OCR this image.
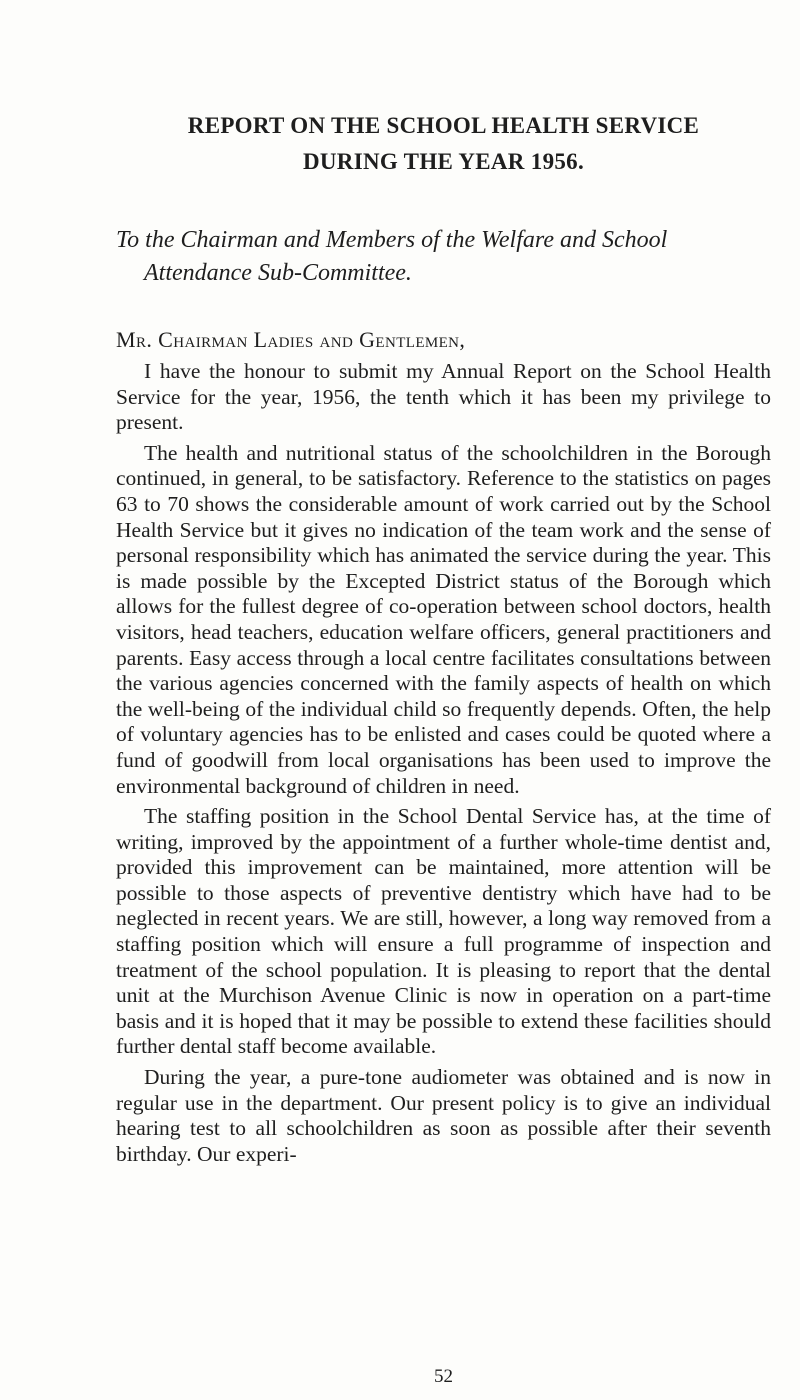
REPORT ON THE SCHOOL HEALTH SERVICE
DURING THE YEAR 1956.
To the Chairman and Members of the Welfare and School
Attendance Sub-Committee.
Mr. Chairman Ladies and Gentlemen,

I have the honour to submit my Annual Report on the School Health Service for the year, 1956, the tenth which it has been my privilege to present.

The health and nutritional status of the schoolchildren in the Borough continued, in general, to be satisfactory. Reference to the statistics on pages 63 to 70 shows the considerable amount of work carried out by the School Health Service but it gives no indication of the team work and the sense of personal responsibility which has animated the service during the year. This is made possible by the Excepted District status of the Borough which allows for the fullest degree of co-operation between school doctors, health visitors, head teachers, education welfare officers, general practitioners and parents. Easy access through a local centre facilitates consultations between the various agencies concerned with the family aspects of health on which the well-being of the individual child so frequently depends. Often, the help of voluntary agencies has to be enlisted and cases could be quoted where a fund of goodwill from local organisations has been used to improve the environmental background of children in need.

The staffing position in the School Dental Service has, at the time of writing, improved by the appointment of a further whole-time dentist and, provided this improvement can be maintained, more attention will be possible to those aspects of preventive dentistry which have had to be neglected in recent years. We are still, however, a long way removed from a staffing position which will ensure a full programme of inspection and treatment of the school population. It is pleasing to report that the dental unit at the Murchison Avenue Clinic is now in operation on a part-time basis and it is hoped that it may be possible to extend these facilities should further dental staff become available.

During the year, a pure-tone audiometer was obtained and is now in regular use in the department. Our present policy is to give an individual hearing test to all schoolchildren as soon as possible after their seventh birthday. Our experi-

52
